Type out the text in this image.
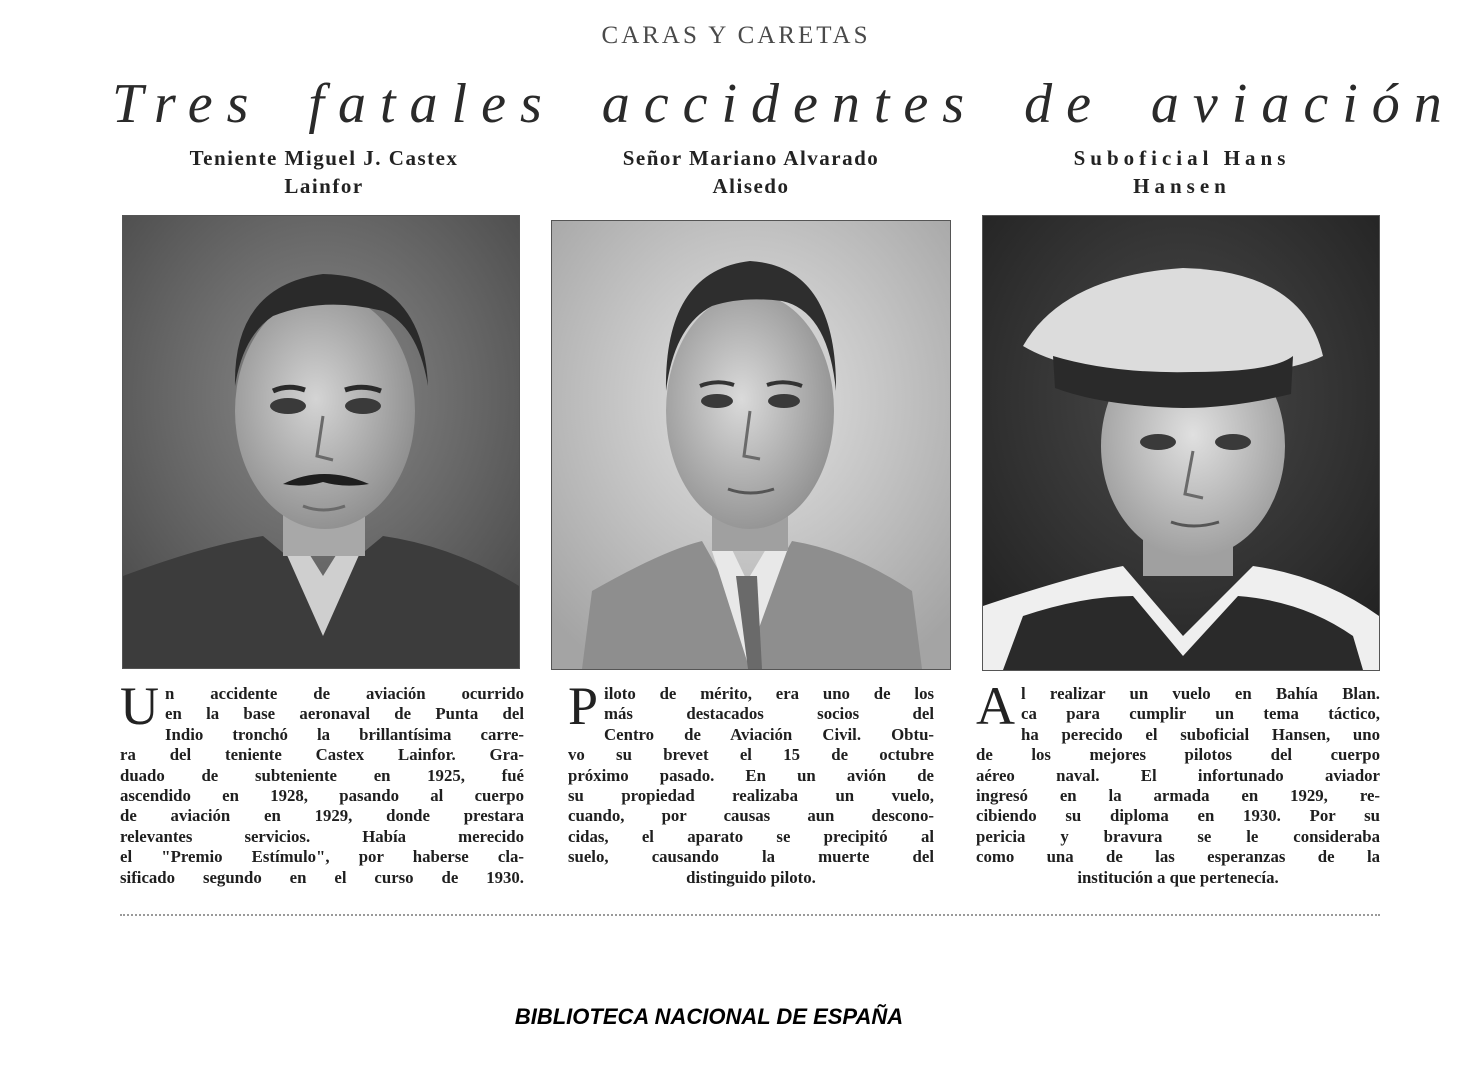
CARAS Y CARETAS
Tres fatales accidentes de aviación
Teniente Miguel J. Castex
Lainfor
Señor Mariano Alvarado
Alisedo
Suboficial Hans
Hansen
U n accidente de aviación ocurrido
en la base aeronaval de Punta del
Indio tronchó la brillantísima carre-
ra del teniente Castex Lainfor. Gra-
duado de subteniente en 1925, fué
ascendido en 1928, pasando al cuerpo
de aviación en 1929, donde prestara
relevantes servicios. Había merecido
el "Premio Estímulo", por haberse cla-
sificado segundo en el curso de 1930.
P iloto de mérito, era uno de los
más destacados socios del
Centro de Aviación Civil. Obtu-
vo su brevet el 15 de octubre
próximo pasado. En un avión de
su propiedad realizaba un vuelo,
cuando, por causas aun descono-
cidas, el aparato se precipitó al
suelo, causando la muerte del
distinguido piloto.
A l realizar un vuelo en Bahía Blan.
ca para cumplir un tema táctico,
ha perecido el suboficial Hansen, uno
de los mejores pilotos del cuerpo
aéreo naval. El infortunado aviador
ingresó en la armada en 1929, re-
cibiendo su diploma en 1930. Por su
pericia y bravura se le consideraba
como una de las esperanzas de la
institución a que pertenecía.
BIBLIOTECA NACIONAL DE ESPAÑA
